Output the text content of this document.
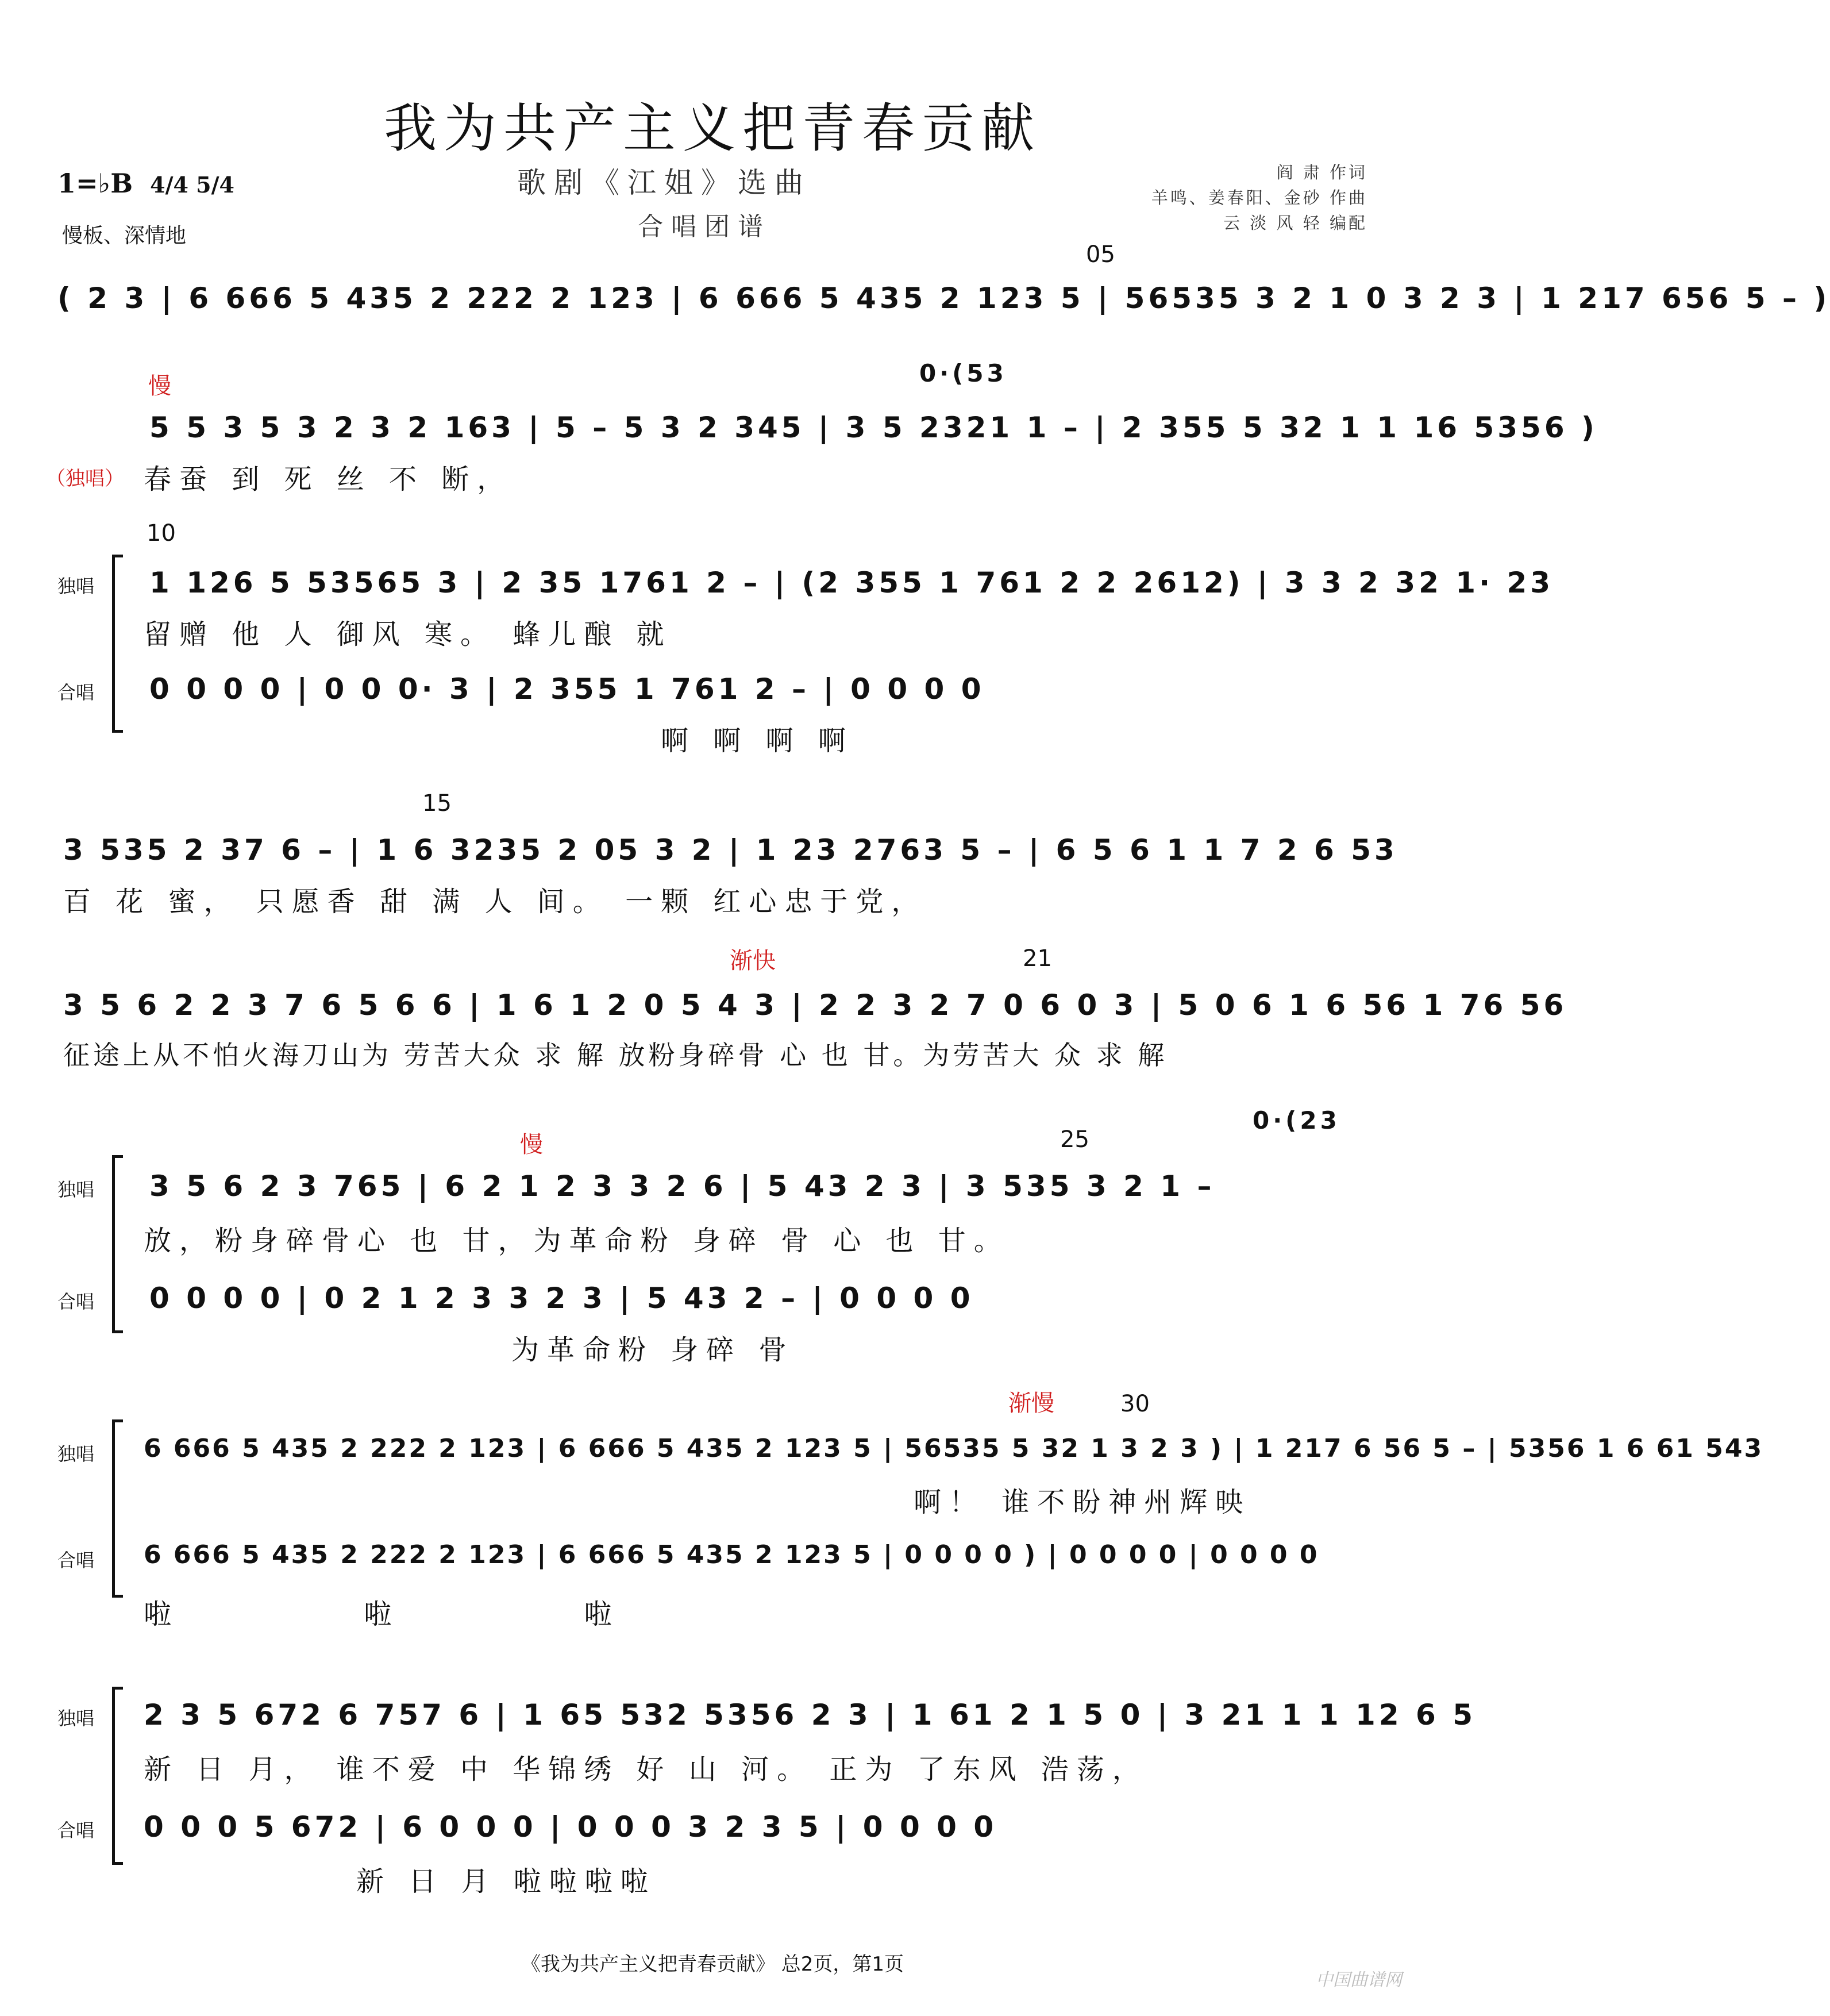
我为共产主义把青春贡献
歌剧《江姐》选曲
合唱团谱
1=♭B 4/4 5/4
慢板、深情地
阎 肃 作词
羊鸣、姜春阳、金砂 作曲
云 淡 风 轻 编配
( 2 3 | 6 666 5 435 2 222 2 123 | 6 666 5 435 2 123 5 | 56535 3 2 1 0 3 2 3 | 1 217 656 5 – )
05
慢	0·(53
5 5 3 5 3 2 3 2 163 | 5 – 5 3 2 345 | 3 5 2321 1 – | 2 355 5 32 1 1 16 5356 )
（独唱） 春蚕 到 死 丝 不 断，
10
独唱 1 126 5 53565 3 | 2 35 1761 2 – | (2 355 1 761 2 2 2612) | 3 3 2 32 1· 23
留赠 他 人 御风 寒。 蜂儿酿 就
合唱 0 0 0 0 | 0 0 0· 3 | 2 355 1 761 2 – | 0 0 0 0
啊 啊 啊 啊
15
3 535 2 37 6 – | 1 6 3235 2 05 3 2 | 1 23 2763 5 – | 6 5 6 1 1 7 2 6 53
百 花 蜜， 只愿香 甜 满 人 间。 一颗 红心忠于党，
渐快	21
3 5 6 2 2 3 7 6 5 6 6 | 1 6 1 2 0 5 4 3 | 2 2 3 2 7 0 6 0 3 | 5 0 6 1 6 56 1 76 56
征途上从不怕火海刀山为 劳苦大众 求 解 放粉身碎骨 心 也 甘。为劳苦大 众 求 解
慢	25
0·(23
独唱 3 5 6 2 3 765 | 6 2 1 2 3 3 2 6 | 5 43 2 3 | 3 535 3 2 1 –
放，粉身碎骨心 也 甘，为革命粉 身碎 骨 心 也 甘。
合唱 0 0 0 0 | 0 2 1 2 3 3 2 3 | 5 43 2 – | 0 0 0 0
为革命粉 身碎 骨
渐慢	30
独唱 6 666 5 435 2 222 2 123 | 6 666 5 435 2 123 5 | 56535 5 32 1 3 2 3 ) | 1 217 6 56 5 – | 5356 1 6 61 543
啊！ 谁不盼神州辉映
合唱 6 666 5 435 2 222 2 123 | 6 666 5 435 2 123 5 | 0 0 0 0 ) | 0 0 0 0 | 0 0 0 0
啦 啦 啦
独唱 2 3 5 672 6 757 6 | 1 65 532 5356 2 3 | 1 61 2 1 5 0 | 3 21 1 1 12 6 5
新 日 月， 谁不爱 中 华锦绣 好 山 河。 正为 了东风 浩荡，
合唱 0 0 0 5 672 | 6 0 0 0 | 0 0 0 3 2 3 5 | 0 0 0 0
新 日 月 啦啦啦啦
《我为共产主义把青春贡献》 总2页，第1页
中国曲谱网
